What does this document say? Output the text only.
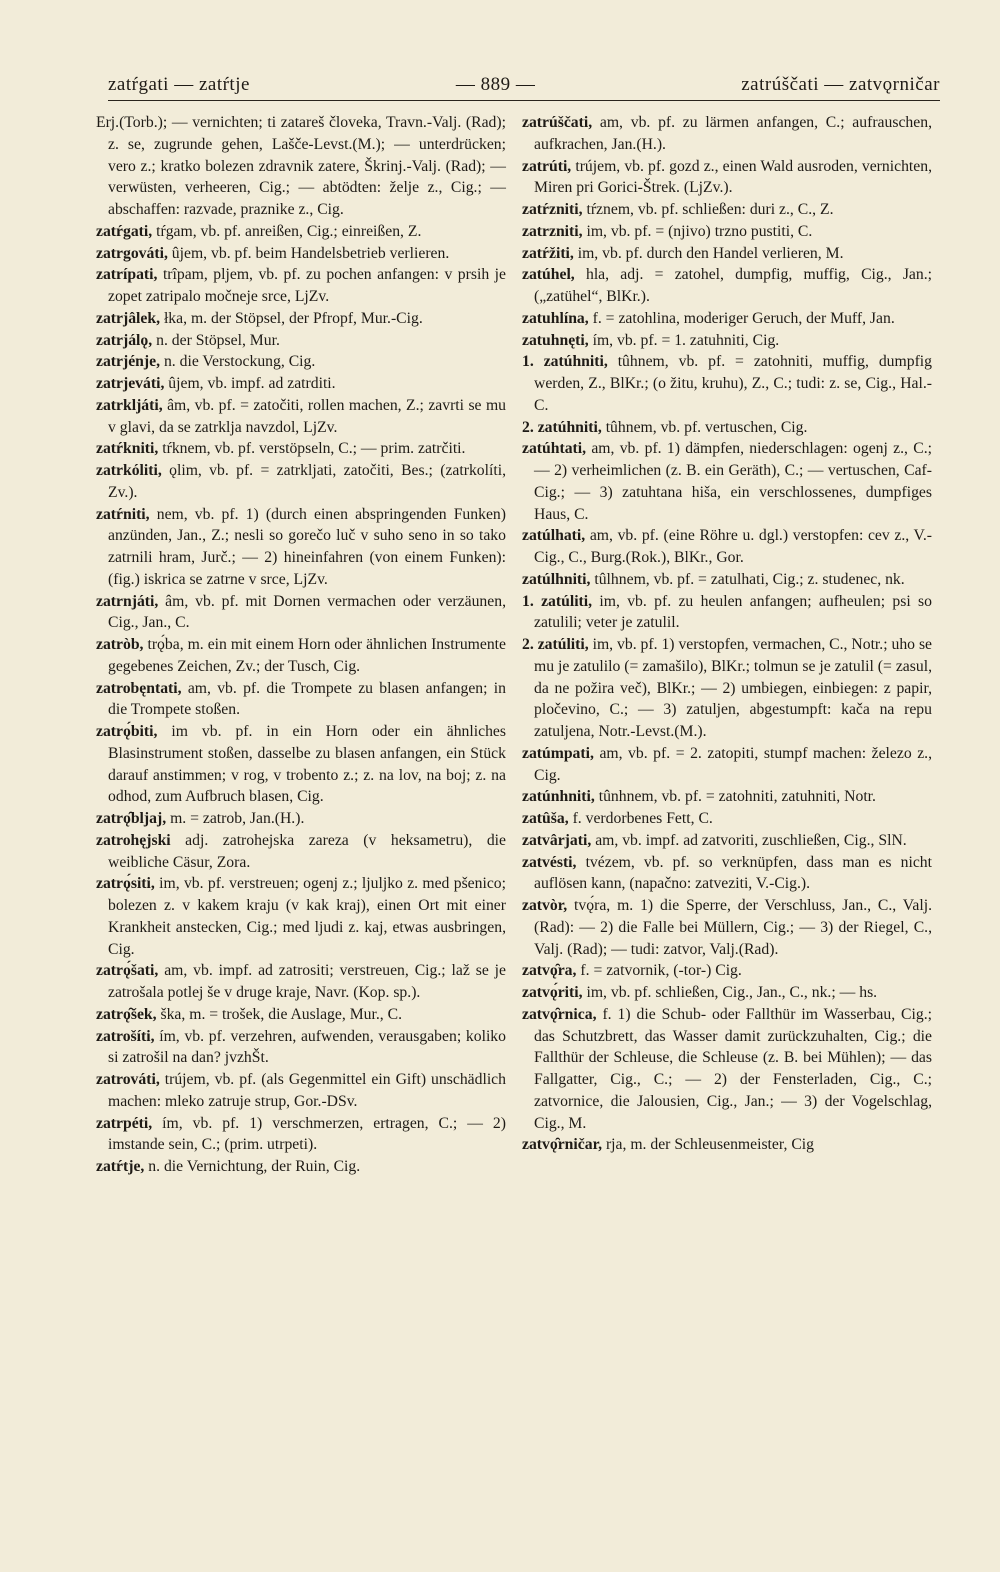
zatŕgati — zatŕtje	— 889 —	zatrúščati — zatvǫrničar

Erj.(Torb.); — vernichten; ti zatareš človeka, Travn.-Valj. (Rad); z. se, zugrunde gehen, Lašče-Levst.(M.); — unterdrücken; vero z.; kratko bolezen zdravnik zatere, Škrinj.-Valj. (Rad); — verwüsten, verheeren, Cig.; — abtödten: želje z., Cig.; — abschaffen: razvade, praznike z., Cig.

zatŕgati, tŕgam, vb. pf. anreißen, Cig.; einreißen, Z.

zatrgováti, ûjem, vb. pf. beim Handelsbetrieb verlieren.

zatrípati, trîpam, pljem, vb. pf. zu pochen anfangen: v prsih je zopet zatripalo močneje srce, LjZv.

zatrjâlek, łka, m. der Stöpsel, der Pfropf, Mur.-Cig.

zatrjálǫ, n. der Stöpsel, Mur.

zatrjénje, n. die Verstockung, Cig.

zatrjeváti, ûjem, vb. impf. ad zatrditi.

zatrkljáti, âm, vb. pf. = zatočiti, rollen machen, Z.; zavrti se mu v glavi, da se zatrklja navzdol, LjZv.

zatŕkniti, tŕknem, vb. pf. verstöpseln, C.; — prim. zatrčiti.

zatrkóliti, ǫlim, vb. pf. = zatrkljati, zatočiti, Bes.; (zatrkolíti, Zv.).

zatŕniti, nem, vb. pf. 1) (durch einen abspringenden Funken) anzünden, Jan., Z.; nesli so gorečo luč v suho seno in so tako zatrnili hram, Jurč.; — 2) hineinfahren (von einem Funken): (fig.) iskrica se zatrne v srce, LjZv.

zatrnjáti, âm, vb. pf. mit Dornen vermachen oder verzäunen, Cig., Jan., C.

zatròb, trǫ́ba, m. ein mit einem Horn oder ähnlichen Instrumente gegebenes Zeichen, Zv.; der Tusch, Cig.

zatrobęntati, am, vb. pf. die Trompete zu blasen anfangen; in die Trompete stoßen.

zatrǫ́biti, im vb. pf. in ein Horn oder ein ähnliches Blasinstrument stoßen, dasselbe zu blasen anfangen, ein Stück darauf anstimmen; v rog, v trobento z.; z. na lov, na boj; z. na odhod, zum Aufbruch blasen, Cig.

zatrǫ̑bljaj, m. = zatrob, Jan.(H.).

zatrohęjski adj. zatrohejska zareza (v heksametru), die weibliche Cäsur, Zora.

zatrǫ́siti, im, vb. pf. verstreuen; ogenj z.; ljuljko z. med pšenico; bolezen z. v kakem kraju (v kak kraj), einen Ort mit einer Krankheit anstecken, Cig.; med ljudi z. kaj, etwas ausbringen, Cig.

zatrǫ́šati, am, vb. impf. ad zatrositi; verstreuen, Cig.; laž se je zatrošala potlej še v druge kraje, Navr. (Kop. sp.).

zatrǫ̑šek, ška, m. = trošek, die Auslage, Mur., C.

zatrošíti, ím, vb. pf. verzehren, aufwenden, verausgaben; koliko si zatrošil na dan? jvzhŠt.

zatrováti, trújem, vb. pf. (als Gegenmittel ein Gift) unschädlich machen: mleko zatruje strup, Gor.-DSv.

zatrpéti, ím, vb. pf. 1) verschmerzen, ertragen, C.; — 2) imstande sein, C.; (prim. utrpeti).

zatŕtje, n. die Vernichtung, der Ruin, Cig.

zatrúščati, am, vb. pf. zu lärmen anfangen, C.; aufrauschen, aufkrachen, Jan.(H.).

zatrúti, trújem, vb. pf. gozd z., einen Wald ausroden, vernichten, Miren pri Gorici-Štrek. (LjZv.).

zatŕzniti, tŕznem, vb. pf. schließen: duri z., C., Z.

zatrzniti, im, vb. pf. = (njivo) trzno pustiti, C.

zatŕžiti, im, vb. pf. durch den Handel verlieren, M.

zatúhel, hla, adj. = zatohel, dumpfig, muffig, Cig., Jan.; („zatühel“, BlKr.).

zatuhlína, f. = zatohlina, moderiger Geruch, der Muff, Jan.

zatuhnęti, ím, vb. pf. = 1. zatuhniti, Cig.

1. zatúhniti, tûhnem, vb. pf. = zatohniti, muffig, dumpfig werden, Z., BlKr.; (o žitu, kruhu), Z., C.; tudi: z. se, Cig., Hal.-C.

2. zatúhniti, tûhnem, vb. pf. vertuschen, Cig.

zatúhtati, am, vb. pf. 1) dämpfen, niederschlagen: ogenj z., C.; — 2) verheimlichen (z. B. ein Geräth), C.; — vertuschen, Caf-Cig.; — 3) zatuhtana hiša, ein verschlossenes, dumpfiges Haus, C.

zatúlhati, am, vb. pf. (eine Röhre u. dgl.) verstopfen: cev z., V.-Cig., C., Burg.(Rok.), BlKr., Gor.

zatúlhniti, tûlhnem, vb. pf. = zatulhati, Cig.; z. studenec, nk.

1. zatúliti, im, vb. pf. zu heulen anfangen; aufheulen; psi so zatulili; veter je zatulil.

2. zatúliti, im, vb. pf. 1) verstopfen, vermachen, C., Notr.; uho se mu je zatulilo (= zamašilo), BlKr.; tolmun se je zatulil (= zasul, da ne požira več), BlKr.; — 2) umbiegen, einbiegen: z papir, pločevino, C.; — 3) zatuljen, abgestumpft: kača na repu zatuljena, Notr.-Levst.(M.).

zatúmpati, am, vb. pf. = 2. zatopiti, stumpf machen: železo z., Cig.

zatúnhniti, tûnhnem, vb. pf. = zatohniti, zatuhniti, Notr.

zatûša, f. verdorbenes Fett, C.

zatvârjati, am, vb. impf. ad zatvoriti, zuschließen, Cig., SlN.

zatvésti, tvézem, vb. pf. so verknüpfen, dass man es nicht auflösen kann, (napačno: zatveziti, V.-Cig.).

zatvòr, tvǫ́ra, m. 1) die Sperre, der Verschluss, Jan., C., Valj.(Rad): — 2) die Falle bei Müllern, Cig.; — 3) der Riegel, C., Valj. (Rad); — tudi: zatvor, Valj.(Rad).

zatvǫ̑ra, f. = zatvornik, (-tor-) Cig.

zatvǫ́riti, im, vb. pf. schließen, Cig., Jan., C., nk.; — hs.

zatvǫ̑rnica, f. 1) die Schub- oder Fallthür im Wasserbau, Cig.; das Schutzbrett, das Wasser damit zurückzuhalten, Cig.; die Fallthür der Schleuse, die Schleuse (z. B. bei Mühlen); — das Fallgatter, Cig., C.; — 2) der Fensterladen, Cig., C.; zatvornice, die Jalousien, Cig., Jan.; — 3) der Vogelschlag, Cig., M.

zatvǫ̑rničar, rja, m. der Schleusenmeister, Cig
